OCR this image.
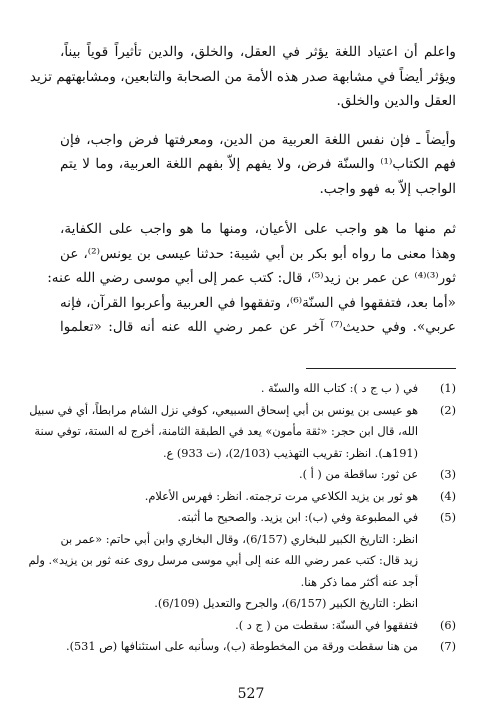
واعلم أن اعتياد اللغة يؤثر في العقل، والخلق، والدين تأثيراً قوياً بيناً،
ويؤثر أيضاً في مشابهة صدر هذه الأمة من الصحابة والتابعين، ومشابهتهم تزيد
العقل والدين والخلق.

وأيضاً ـ فإن نفس اللغة العربية من الدين، ومعرفتها فرض واجب، فإن
فهم الكتاب⁽¹⁾ والسنّة فرض، ولا يفهم إلاّ بفهم اللغة العربية، وما لا يتم
الواجب إلاّ به فهو واجب.

ثم منها ما هو واجب على الأعيان، ومنها ما هو واجب على الكفاية،
وهذا معنى ما رواه أبو بكر بن أبي شيبة: حدثنا عيسى بن يونس⁽²⁾، عن
ثور⁽³⁾⁽⁴⁾ عن عمر بن زيد⁽⁵⁾، قال: كتب عمر إلى أبي موسى رضي الله عنه:
«أما بعد، فتفقهوا في السنّة⁽⁶⁾، وتفقهوا في العربية وأعربوا القرآن، فإنه
عربي». وفي حديث⁽⁷⁾ آخر عن عمر رضي الله عنه أنه قال: «تعلموا

(1)
في ( ب ج د ): كتاب الله والسنّة .
(2)
هو عيسى بن يونس بن أبي إسحاق السبيعي، كوفي نزل الشام مرابطاً، أي في سبيل
الله، قال ابن حجر: «ثقة مأمون» يعد في الطبقة الثامنة، أخرج له الستة، توفي سنة
(191هـ). انظر: تقريب التهذيب (2/103)، (ت 933) ع.
(3)
عن ثور: ساقطة من ( أ ).
(4)
هو ثور بن يزيد الكلاعي مرت ترجمته. انظر: فهرس الأعلام.
(5)
في المطبوعة وفي (ب): ابن يزيد. والصحيح ما أثبته.
انظر: التاريخ الكبير للبخاري (6/157)، وقال البخاري وابن أبي حاتم: «عمر بن
زيد قال: كتب عمر رضي الله عنه إلى أبي موسى مرسل روى عنه ثور بن يزيد». ولم
أجد عنه أكثر مما ذكر هنا.
انظر: التاريخ الكبير (6/157)، والجرح والتعديل (6/109).
(6)
فتفقهوا في السنّة: سقطت من ( ج د ).
(7)
من هنا سقطت ورقة من المخطوطة (ب)، وسأنبه على استئنافها (ص 531).
527
